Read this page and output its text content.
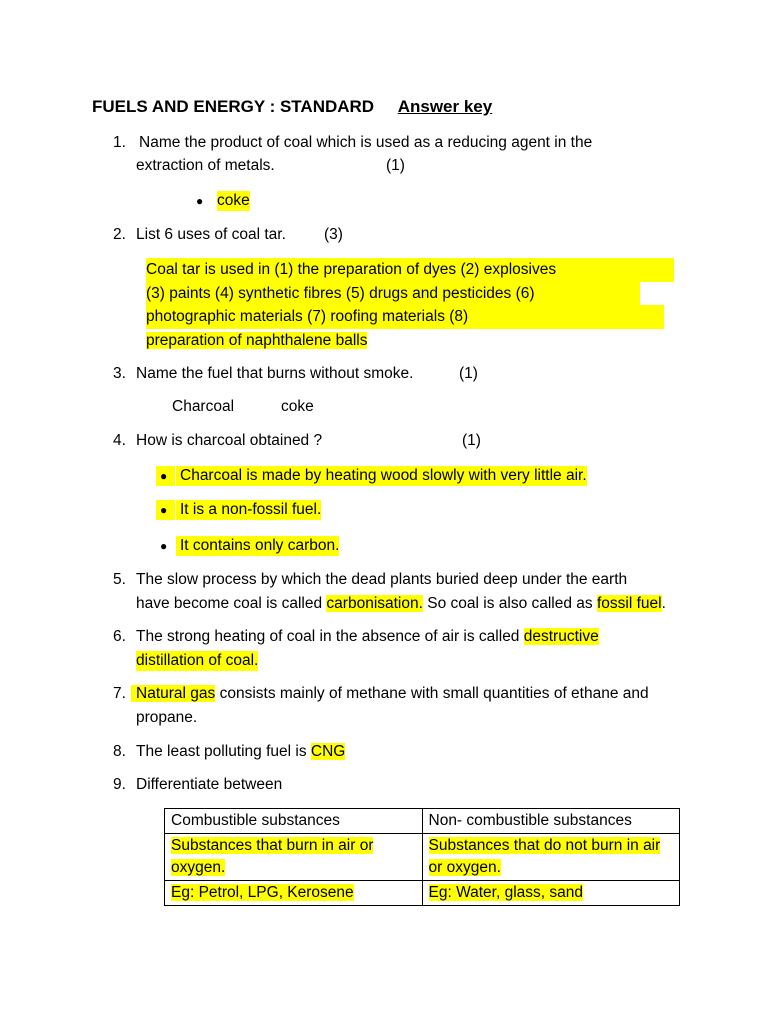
FUELS AND ENERGY : STANDARD Answer key
1. Name the product of coal which is used as a reducing agent in the
extraction of metals.	(1)
● coke
2. List 6 uses of coal tar. (3)
Coal tar is used in (1) the preparation of dyes (2) explosives
(3) paints (4) synthetic fibres (5) drugs and pesticides (6)
photographic materials (7) roofing materials (8)
preparation of naphthalene balls
3. Name the fuel that burns without smoke.	(1)
Charcoal	coke
4. How is charcoal obtained ?	(1)
● Charcoal is made by heating wood slowly with very little air.
● It is a non-fossil fuel.
● It contains only carbon.
5. The slow process by which the dead plants buried deep under the earth
have become coal is called carbonisation. So coal is also called as fossil fuel.
6. The strong heating of coal in the absence of air is called destructive
distillation of coal.
7. Natural gas consists mainly of methane with small quantities of ethane and
propane.
8. The least polluting fuel is CNG
9. Differentiate between
Combustible substances	Non- combustible substances
Substances that burn in air or oxygen.	Substances that do not burn in air or oxygen.
Eg: Petrol, LPG, Kerosene	Eg: Water, glass, sand
